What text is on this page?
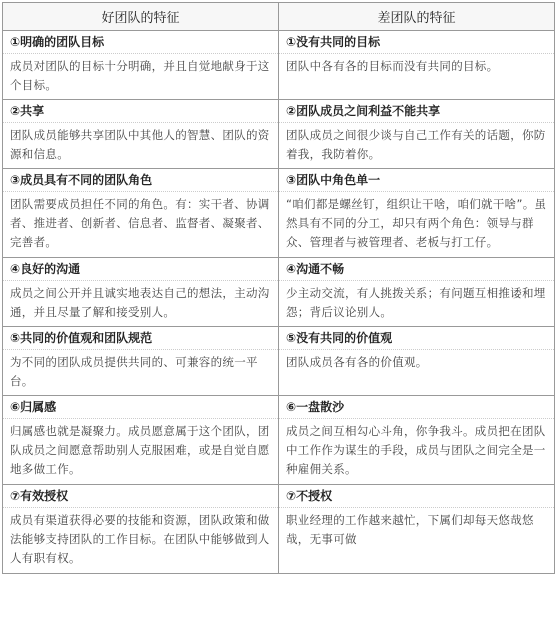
好团队的特征	差团队的特征
①明确的团队目标	①没有共同的目标
成员对团队的目标十分明确，并且自觉地献身于这个目标。	团队中各有各的目标而没有共同的目标。
②共享	②团队成员之间利益不能共享
团队成员能够共享团队中其他人的智慧、团队的资源和信息。	团队成员之间很少谈与自己工作有关的话题，你防着我，我防着你。
③成员具有不同的团队角色	③团队中角色单一
团队需要成员担任不同的角色。有：实干者、协调者、推进者、创新者、信息者、监督者、凝聚者、完善者。	“咱们都是螺丝钉，组织让干啥，咱们就干啥”。虽然具有不同的分工，却只有两个角色：领导与群众、管理者与被管理者、老板与打工仔。
④良好的沟通	④沟通不畅
成员之间公开并且诚实地表达自己的想法，主动沟通，并且尽量了解和接受别人。	少主动交流，有人挑拨关系；有问题互相推诿和埋怨；背后议论别人。
⑤共同的价值观和团队规范	⑤没有共同的价值观
为不同的团队成员提供共同的、可兼容的统一平台。	团队成员各有各的价值观。
⑥归属感	⑥一盘散沙
归属感也就是凝聚力。成员愿意属于这个团队，团队成员之间愿意帮助别人克服困难，或是自觉自愿地多做工作。	成员之间互相勾心斗角，你争我斗。成员把在团队中工作作为谋生的手段，成员与团队之间完全是一种雇佣关系。
⑦有效授权	⑦不授权
成员有渠道获得必要的技能和资源，团队政策和做法能够支持团队的工作目标。在团队中能够做到人人有职有权。	职业经理的工作越来越忙，下属们却每天悠哉悠哉，无事可做
